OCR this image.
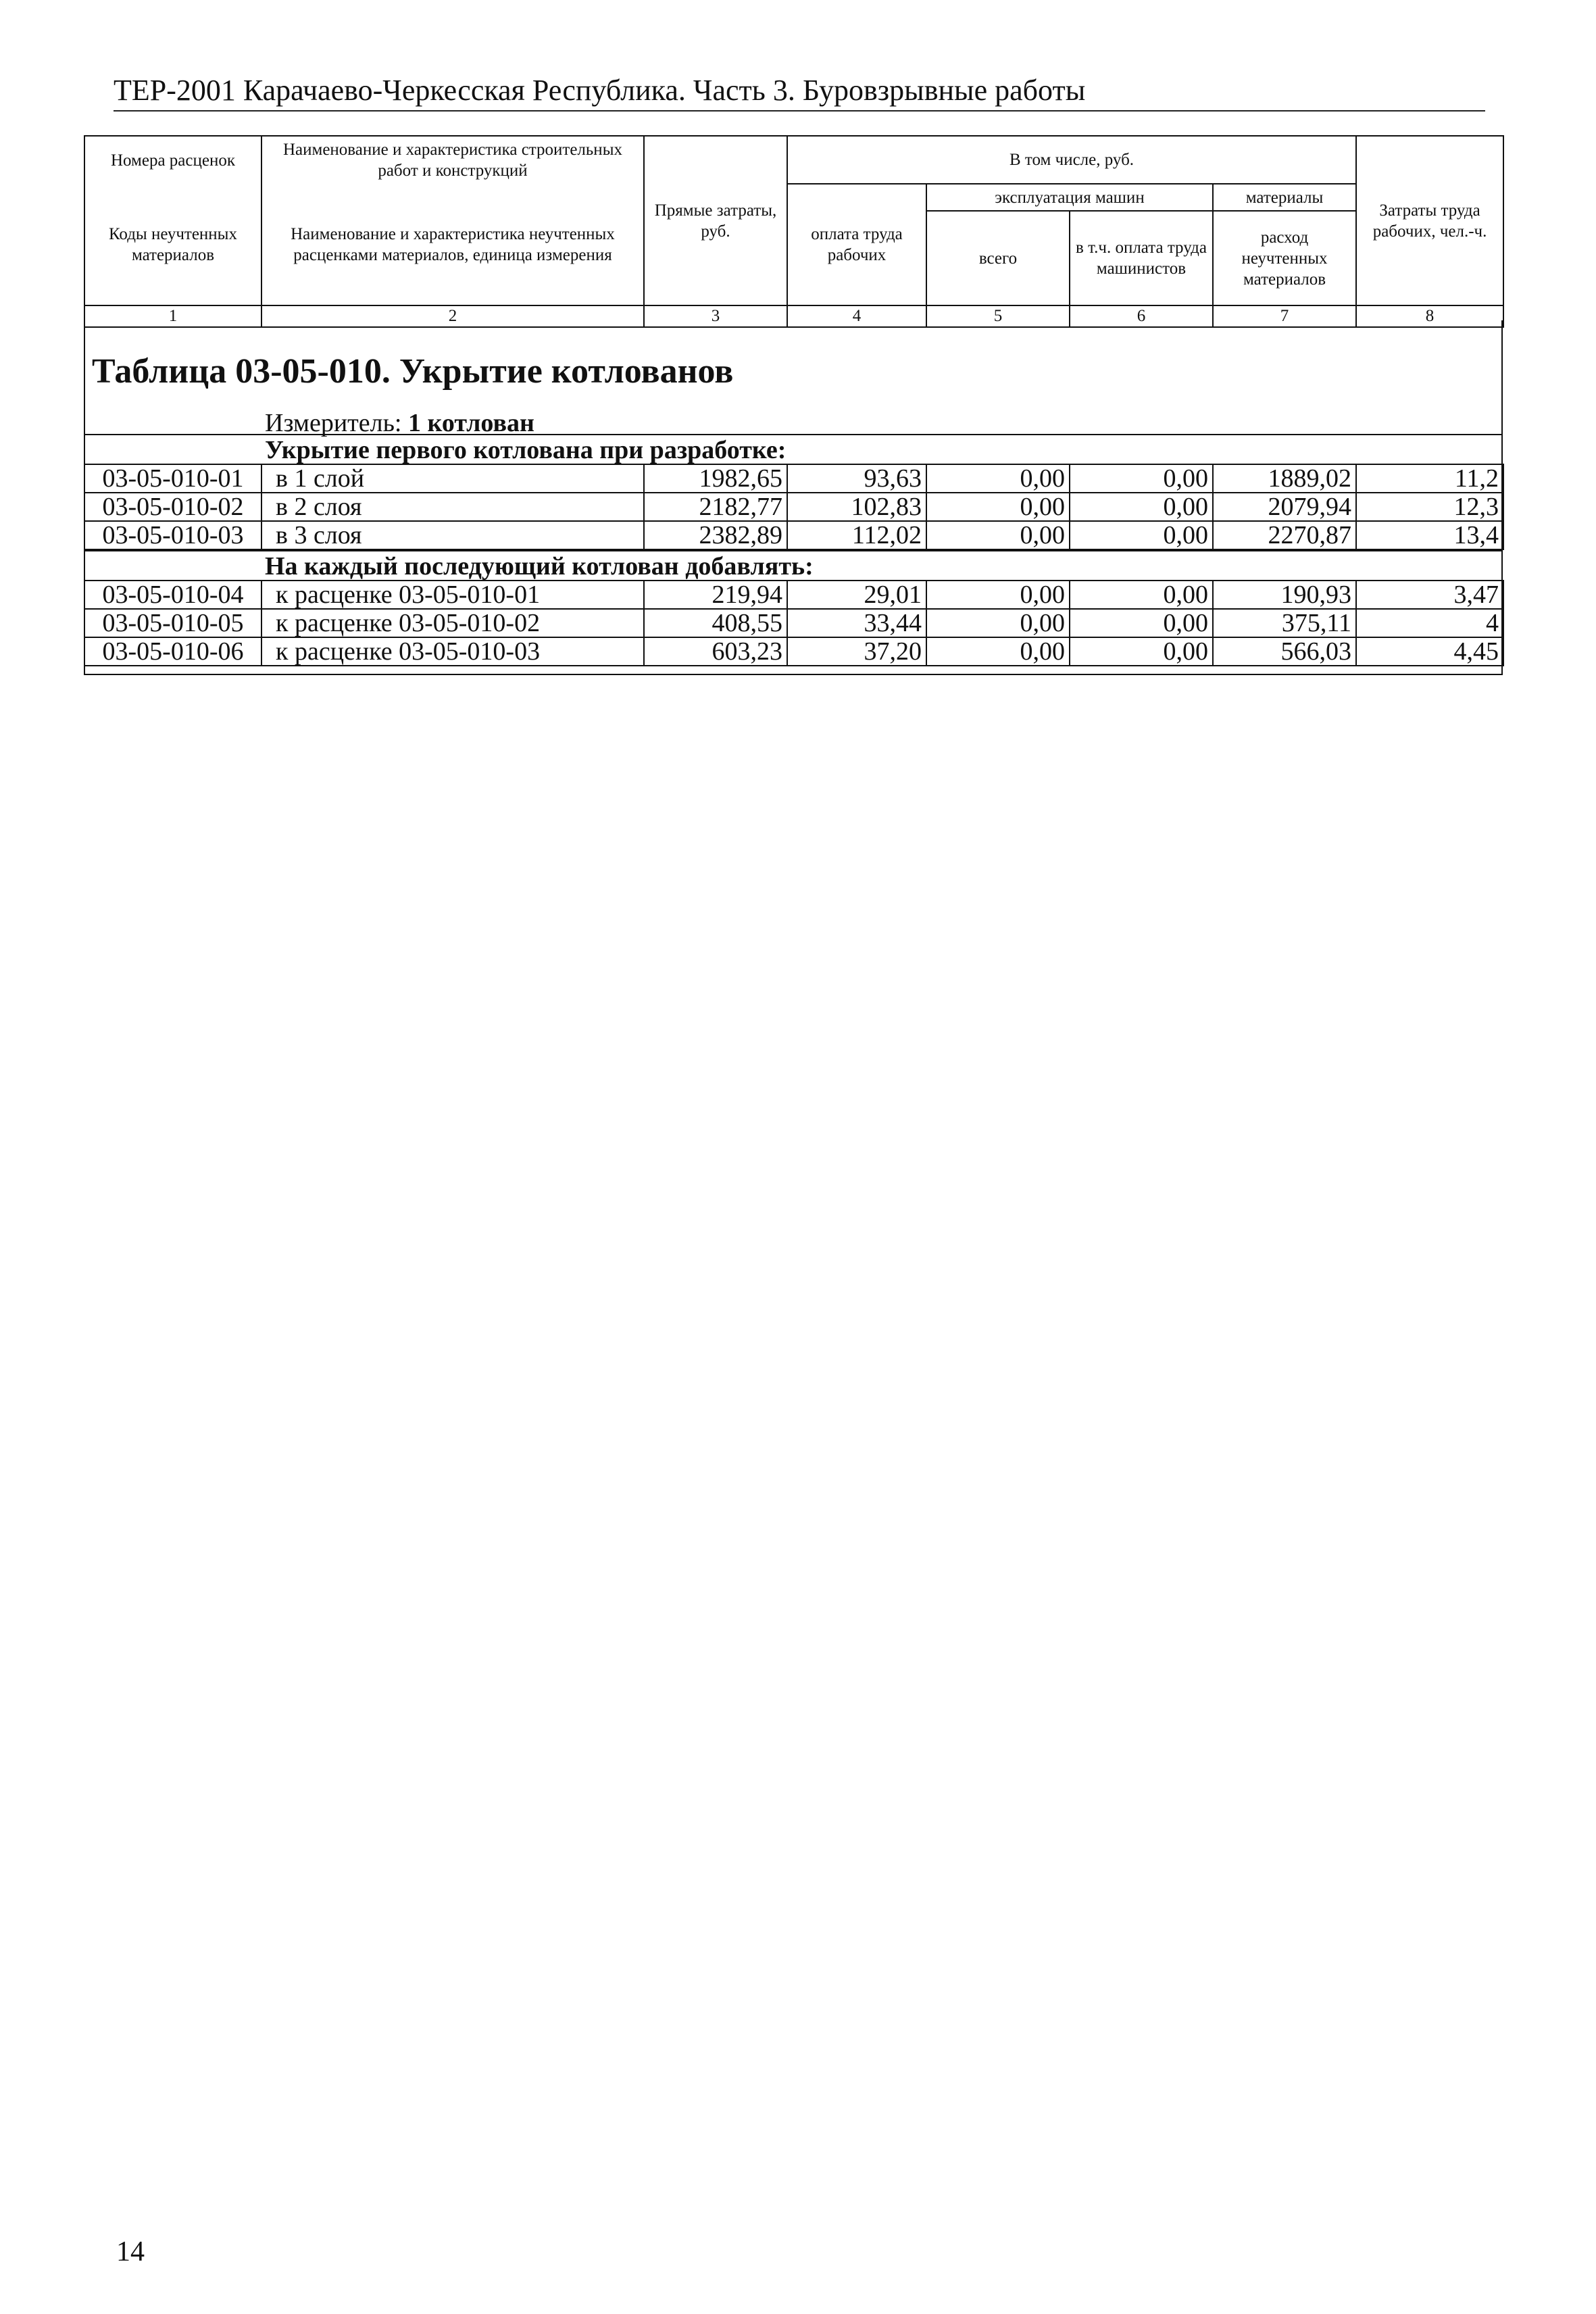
ТЕР-2001 Карачаево-Черкесская Республика. Часть 3. Буровзрывные работы
Номера расценок	Наименование и характеристика строительных работ и конструкций	Прямые затраты, руб.	В том числе, руб.				Затраты труда рабочих, чел.-ч.
Коды неучтенных материалов	Наименование и характеристика неучтенных расценками материалов, единица измерения		оплата труда рабочих	эксплуатация машин		материалы	
				всего	в т.ч. оплата труда машинистов	расход неучтенных материалов	

1	2	3	4	5	6	7	8
Таблица 03-05-010. Укрытие котлованов
Измеритель: 1 котлован
Укрытие первого котлована при разработке:
03-05-010-01	в 1 слой	1982,65	93,63	0,00	0,00	1889,02	11,2
03-05-010-02	в 2 слоя	2182,77	102,83	0,00	0,00	2079,94	12,3
03-05-010-03	в 3 слоя	2382,89	112,02	0,00	0,00	2270,87	13,4
На каждый последующий котлован добавлять:
03-05-010-04	к расценке 03-05-010-01	219,94	29,01	0,00	0,00	190,93	3,47
03-05-010-05	к расценке 03-05-010-02	408,55	33,44	0,00	0,00	375,11	4
03-05-010-06	к расценке 03-05-010-03	603,23	37,20	0,00	0,00	566,03	4,45
14
